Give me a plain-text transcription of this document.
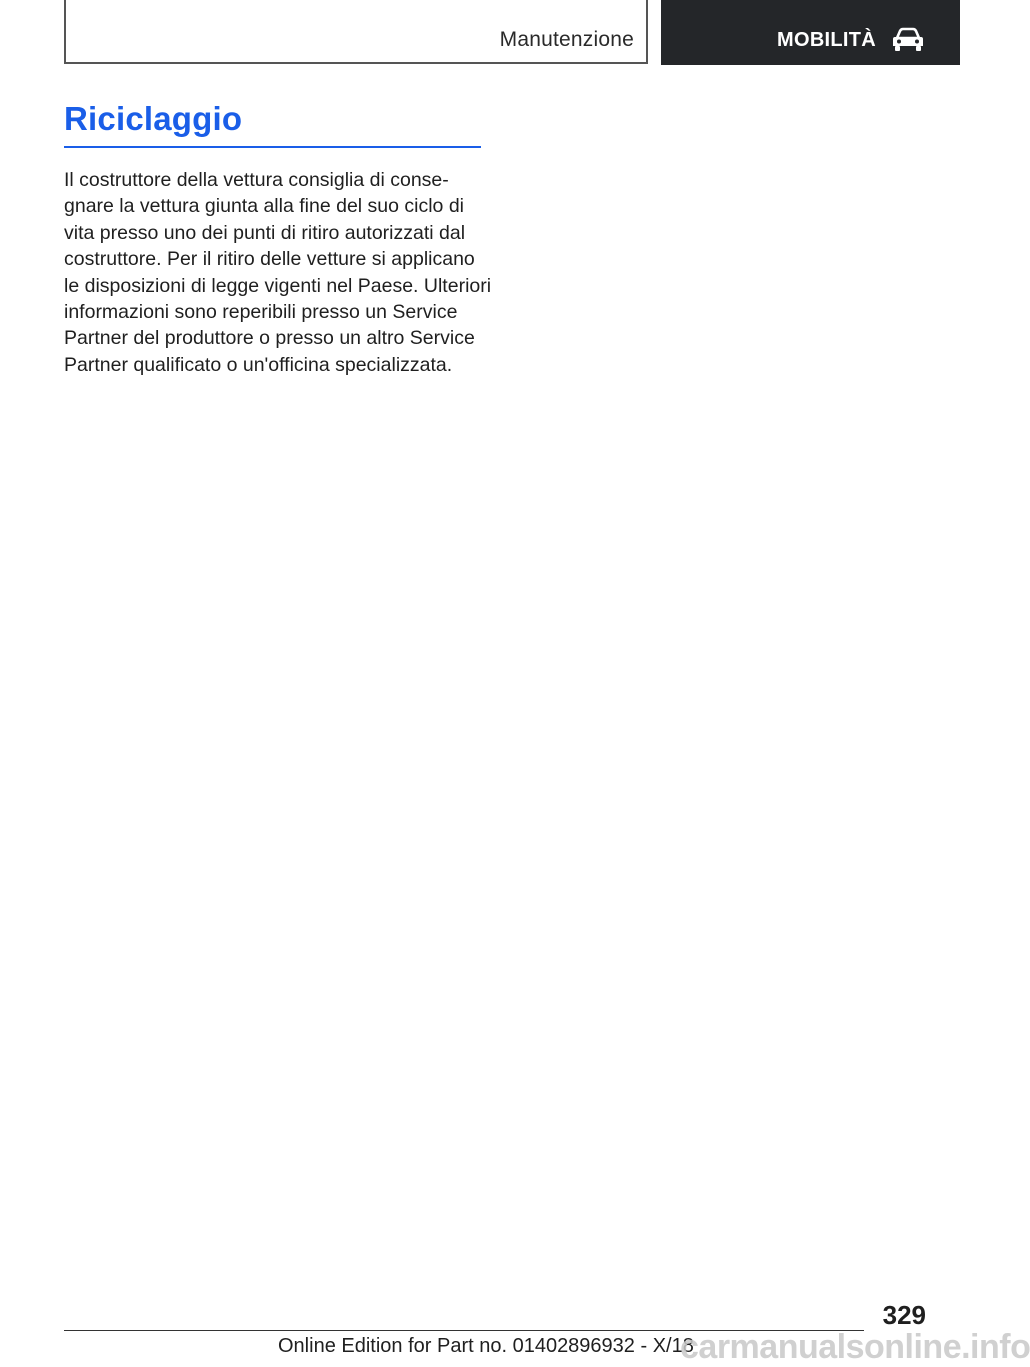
Manutenzione	MOBILITÀ
Riciclaggio

Il costruttore della vettura consiglia di conse‐
gnare la vettura giunta alla fine del suo ciclo di
vita presso uno dei punti di ritiro autorizzati dal
costruttore. Per il ritiro delle vetture si applicano
le disposizioni di legge vigenti nel Paese. Ulteriori
informazioni sono reperibili presso un Service
Partner del produttore o presso un altro Service
Partner qualificato o un'officina specializzata.

329
Online Edition for Part no. 01402896932 - X/18
carmanualsonline.info
